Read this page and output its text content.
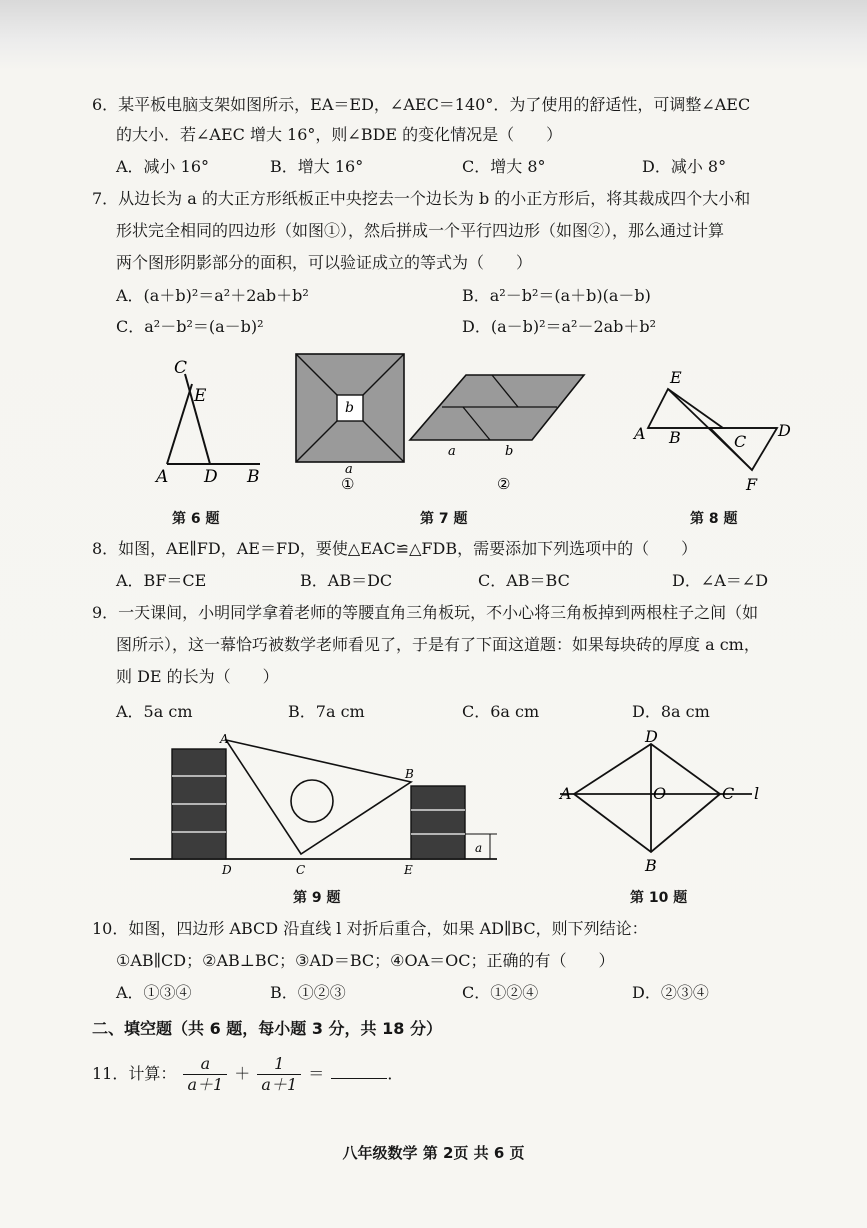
6．某平板电脑支架如图所示，EA＝ED，∠AEC＝140°．为了使用的舒适性，可调整∠AEC
的大小．若∠AEC 增大 16°，则∠BDE 的变化情况是（　　）
A．减小 16°	B．增大 16°	C．增大 8°	D．减小 8°
7．从边长为 a 的大正方形纸板正中央挖去一个边长为 b 的小正方形后，将其裁成四个大小和
形状完全相同的四边形（如图①），然后拼成一个平行四边形（如图②），那么通过计算
两个图形阴影部分的面积，可以验证成立的等式为（　　）
A．(a＋b)²＝a²＋2ab＋b²	B．a²－b²＝(a＋b)(a－b)
C．a²－b²＝(a－b)²	D．(a－b)²＝a²－2ab＋b²
C
E
A D B
b
a
①
a	b
②
E
A B	C
D
F
第 6 题	第 7 题	第 8 题
8．如图，AE∥FD，AE＝FD，要使△EAC≌△FDB，需要添加下列选项中的（　　）
A．BF＝CE	B．AB＝DC	C．AB＝BC	D．∠A＝∠D
9．一天课间，小明同学拿着老师的等腰直角三角板玩，不小心将三角板掉到两根柱子之间（如
图所示），这一幕恰巧被数学老师看见了，于是有了下面这道题：如果每块砖的厚度 a cm，
则 DE 的长为（　　）
A．5a cm	B．7a cm	C．6a cm	D．8a cm
A
B
D	C	E
a
D
A	O	C l
B
第 9 题	第 10 题
10．如图，四边形 ABCD 沿直线 l 对折后重合，如果 AD∥BC，则下列结论：
①AB∥CD；②AB⊥BC；③AD＝BC；④OA＝OC；正确的有（　　）
A．①③④	B．①②③	C．①②④	D．②③④
二、填空题（共 6 题，每小题 3 分，共 18 分）
11．计算： $\frac{a}{a+1} + \frac{1}{a+1}$ ＝	．
八年级数学 第 2页 共 6 页
